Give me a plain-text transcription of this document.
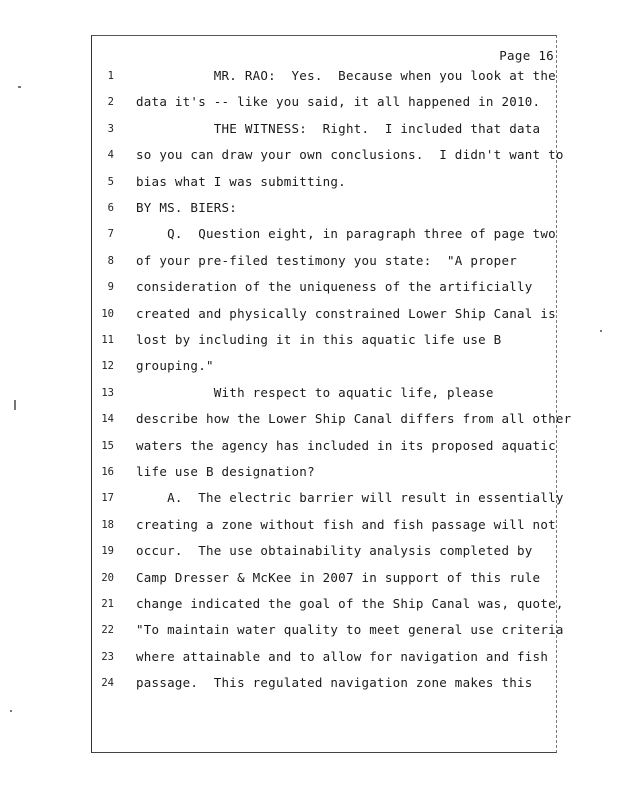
Page 16
1 MR. RAO:  Yes.  Because when you look at the
2 data it's -- like you said, it all happened in 2010.
3 THE WITNESS:  Right.  I included that data
4 so you can draw your own conclusions.  I didn't want to
5 bias what I was submitting.
6 BY MS. BIERS:
7 Q.  Question eight, in paragraph three of page two
8 of your pre-filed testimony you state:  "A proper
9 consideration of the uniqueness of the artificially
10 created and physically constrained Lower Ship Canal is
11 lost by including it in this aquatic life use B
12 grouping."
13 With respect to aquatic life, please
14 describe how the Lower Ship Canal differs from all other
15 waters the agency has included in its proposed aquatic
16 life use B designation?
17 A.  The electric barrier will result in essentially
18 creating a zone without fish and fish passage will not
19 occur.  The use obtainability analysis completed by
20 Camp Dresser & McKee in 2007 in support of this rule
21 change indicated the goal of the Ship Canal was, quote,
22 "To maintain water quality to meet general use criteria
23 where attainable and to allow for navigation and fish
24 passage.  This regulated navigation zone makes this
